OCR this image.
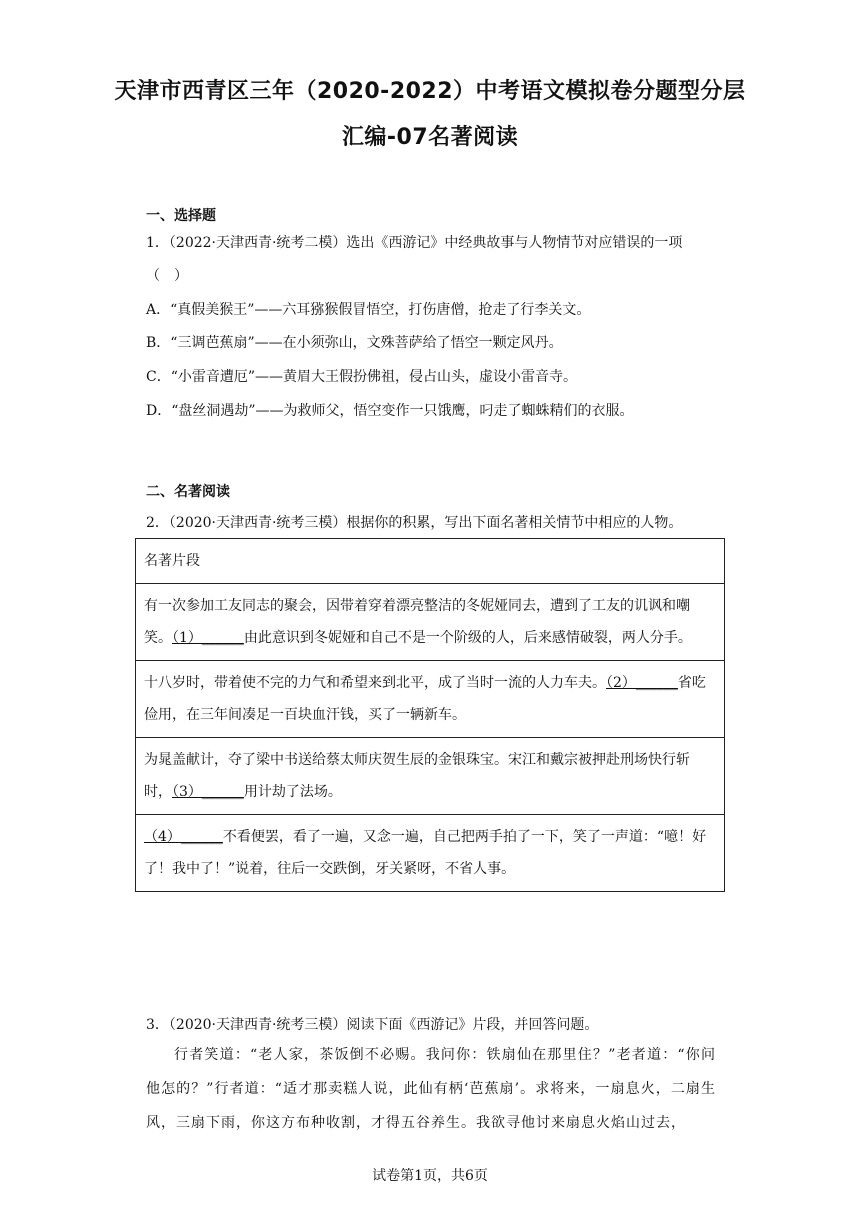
天津市西青区三年（2020-2022）中考语文模拟卷分题型分层
汇编-07名著阅读
一、选择题
1．（2022·天津西青·统考二模）选出《西游记》中经典故事与人物情节对应错误的一项
（　）
A．“真假美猴王”——六耳猕猴假冒悟空，打伤唐僧，抢走了行李关文。
B．“三调芭蕉扇”——在小须弥山，文殊菩萨给了悟空一颗定风丹。
C．“小雷音遭厄”——黄眉大王假扮佛祖，侵占山头，虚设小雷音寺。
D．“盘丝洞遇劫”——为救师父，悟空变作一只饿鹰，叼走了蜘蛛精们的衣服。
二、名著阅读
2．（2020·天津西青·统考三模）根据你的积累，写出下面名著相关情节中相应的人物。
名著片段
有一次参加工友同志的聚会，因带着穿着漂亮整洁的冬妮娅同去，遭到了工友的讥讽和嘲笑。（1）______由此意识到冬妮娅和自己不是一个阶级的人，后来感情破裂，两人分手。
十八岁时，带着使不完的力气和希望来到北平，成了当时一流的人力车夫。（2）______省吃俭用，在三年间凑足一百块血汗钱，买了一辆新车。
为晁盖献计，夺了梁中书送给蔡太师庆贺生辰的金银珠宝。宋江和戴宗被押赴刑场快行斩时，（3）______用计劫了法场。
（4）______不看便罢，看了一遍，又念一遍，自己把两手拍了一下，笑了一声道：“噫！好了！我中了！”说着，往后一交跌倒，牙关紧呀，不省人事。
3．（2020·天津西青·统考三模）阅读下面《西游记》片段，并回答问题。
行者笑道：“老人家，茶饭倒不必赐。我问你：铁扇仙在那里住？”老者道：“你问他怎的？”行者道：“适才那卖糕人说，此仙有柄‘芭蕉扇’。求将来，一扇息火，二扇生风，三扇下雨，你这方布种收割，才得五谷养生。我欲寻他讨来扇息火焰山过去，
试卷第1页，共6页
